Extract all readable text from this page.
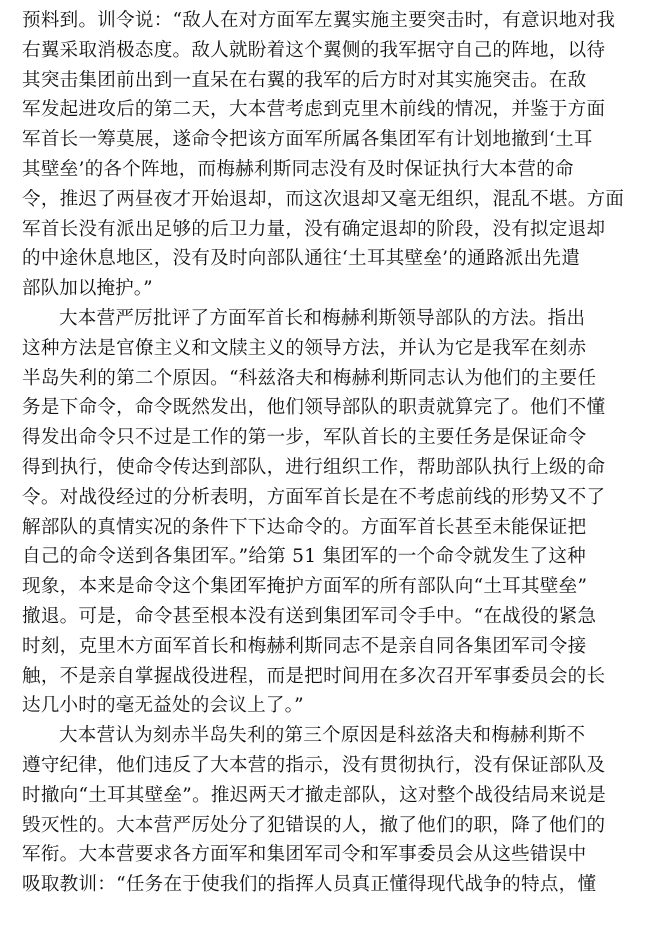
预料到。训令说：“敌人在对方面军左翼实施主要突击时，有意识地对我
右翼采取消极态度。敌人就盼着这个翼侧的我军据守自己的阵地，以待
其突击集团前出到一直呆在右翼的我军的后方时对其实施突击。在敌
军发起进攻后的第二天，大本营考虑到克里木前线的情况，并鉴于方面
军首长一筹莫展，遂命令把该方面军所属各集团军有计划地撤到‘土耳
其壁垒’的各个阵地，而梅赫利斯同志没有及时保证执行大本营的命
令，推迟了两昼夜才开始退却，而这次退却又毫无组织，混乱不堪。方面
军首长没有派出足够的后卫力量，没有确定退却的阶段，没有拟定退却
的中途休息地区，没有及时向部队通往‘土耳其壁垒’的通路派出先遣
部队加以掩护。”
大本营严厉批评了方面军首长和梅赫利斯领导部队的方法。指出
这种方法是官僚主义和文牍主义的领导方法，并认为它是我军在刻赤
半岛失利的第二个原因。“科兹洛夫和梅赫利斯同志认为他们的主要任
务是下命令，命令既然发出，他们领导部队的职责就算完了。他们不懂
得发出命令只不过是工作的第一步，军队首长的主要任务是保证命令
得到执行，使命令传达到部队，进行组织工作，帮助部队执行上级的命
令。对战役经过的分析表明，方面军首长是在不考虑前线的形势又不了
解部队的真情实况的条件下下达命令的。方面军首长甚至未能保证把
自己的命令送到各集团军。”给第 51 集团军的一个命令就发生了这种
现象，本来是命令这个集团军掩护方面军的所有部队向“土耳其壁垒”
撤退。可是，命令甚至根本没有送到集团军司令手中。“在战役的紧急
时刻，克里木方面军首长和梅赫利斯同志不是亲自同各集团军司令接
触，不是亲自掌握战役进程，而是把时间用在多次召开军事委员会的长
达几小时的毫无益处的会议上了。”
大本营认为刻赤半岛失利的第三个原因是科兹洛夫和梅赫利斯不
遵守纪律，他们违反了大本营的指示，没有贯彻执行，没有保证部队及
时撤向“土耳其壁垒”。推迟两天才撤走部队，这对整个战役结局来说是
毁灭性的。大本营严厉处分了犯错误的人，撤了他们的职，降了他们的
军衔。大本营要求各方面军和集团军司令和军事委员会从这些错误中
吸取教训：“任务在于使我们的指挥人员真正懂得现代战争的特点，懂
